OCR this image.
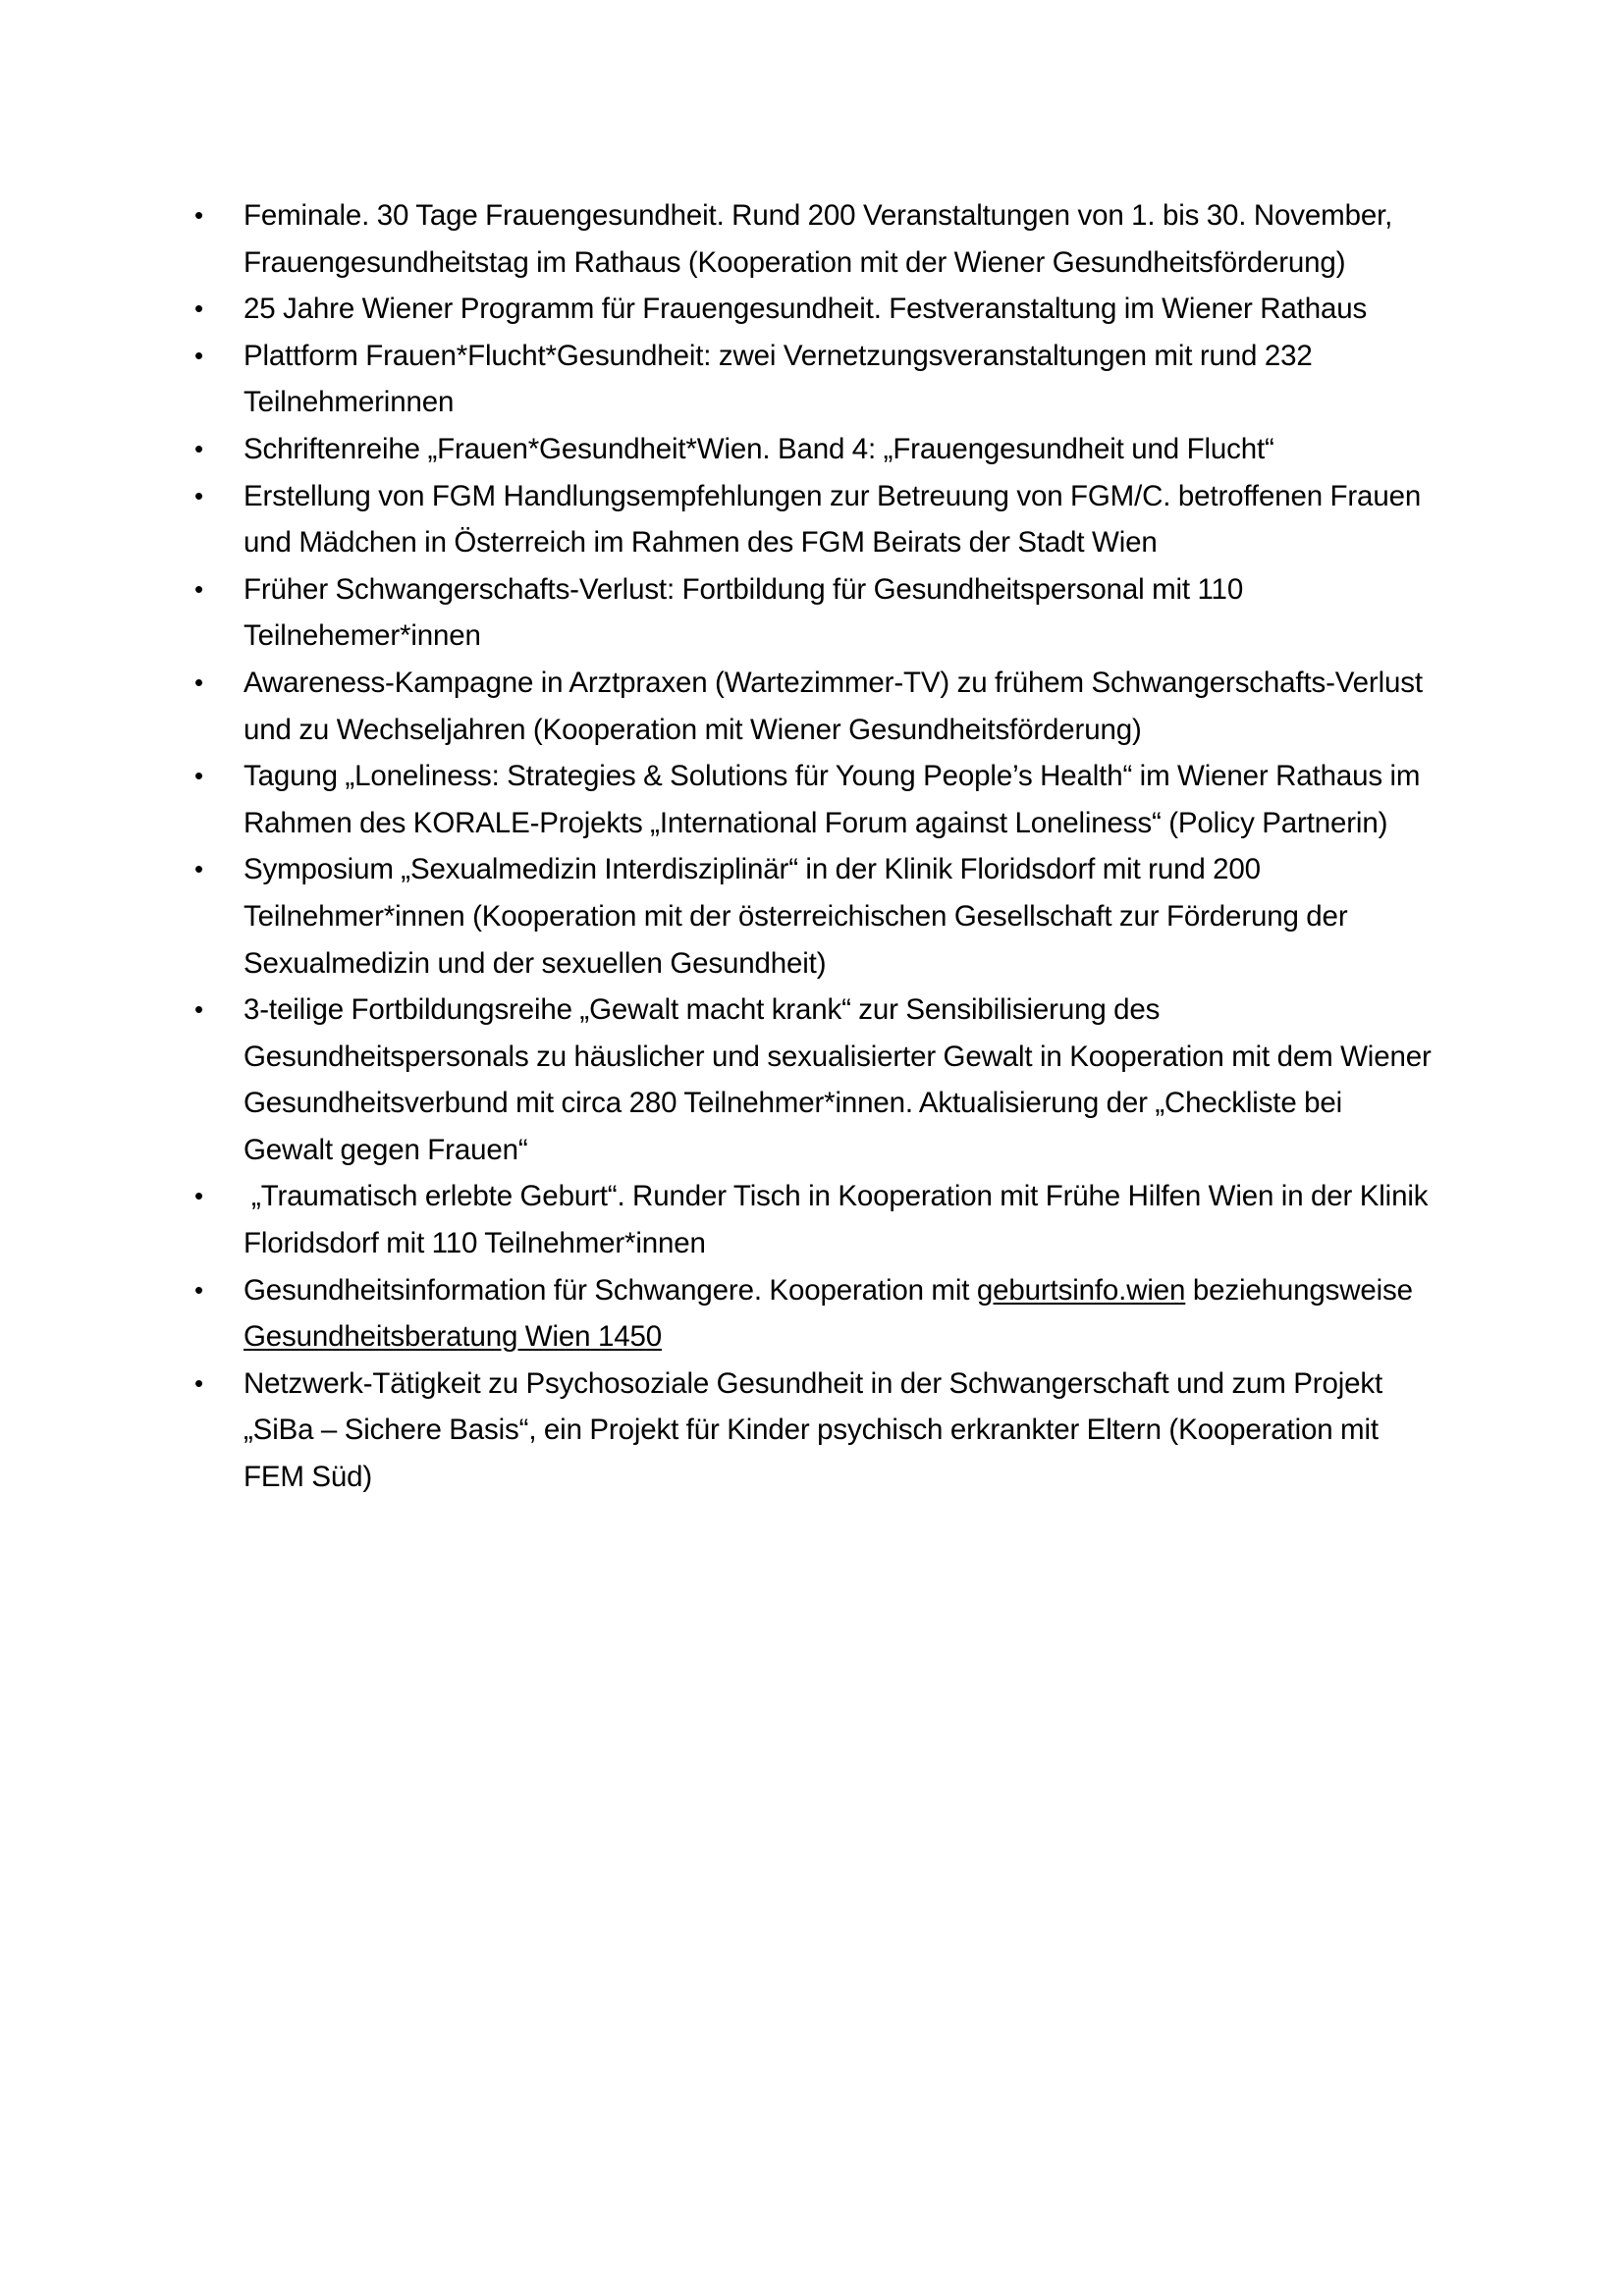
•	Feminale. 30 Tage Frauengesundheit. Rund 200 Veranstaltungen von 1. bis 30. November, Frauengesundheitstag im Rathaus (Kooperation mit der Wiener Gesundheitsförderung)
•	25 Jahre Wiener Programm für Frauengesundheit. Festveranstaltung im Wiener Rathaus
•	Plattform Frauen*Flucht*Gesundheit: zwei Vernetzungsveranstaltungen mit rund 232 Teilnehmerinnen
•	Schriftenreihe „Frauen*Gesundheit*Wien. Band 4: „Frauengesundheit und Flucht“
•	Erstellung von FGM Handlungsempfehlungen zur Betreuung von FGM/C. betroffenen Frauen und Mädchen in Österreich im Rahmen des FGM Beirats der Stadt Wien
•	Früher Schwangerschafts-Verlust: Fortbildung für Gesundheitspersonal mit 110 Teilnehemer*innen
•	Awareness-Kampagne in Arztpraxen (Wartezimmer-TV) zu frühem Schwangerschafts-Verlust und zu Wechseljahren (Kooperation mit Wiener Gesundheitsförderung)
•	Tagung „Loneliness: Strategies & Solutions für Young People’s Health“ im Wiener Rathaus im Rahmen des KORALE-Projekts „International Forum against Loneliness“ (Policy Partnerin)
•	Symposium „Sexualmedizin Interdisziplinär“ in der Klinik Floridsdorf mit rund 200 Teilnehmer*innen (Kooperation mit der österreichischen Gesellschaft zur Förderung der Sexualmedizin und der sexuellen Gesundheit)
•	3-teilige Fortbildungsreihe „Gewalt macht krank“ zur Sensibilisierung des Gesundheitspersonals zu häuslicher und sexualisierter Gewalt in Kooperation mit dem Wiener Gesundheitsverbund mit circa 280 Teilnehmer*innen. Aktualisierung der „Checkliste bei Gewalt gegen Frauen“
•	„Traumatisch erlebte Geburt“. Runder Tisch in Kooperation mit Frühe Hilfen Wien in der Klinik Floridsdorf mit 110 Teilnehmer*innen
•	Gesundheitsinformation für Schwangere. Kooperation mit geburtsinfo.wien beziehungsweise Gesundheitsberatung Wien 1450
•	Netzwerk-Tätigkeit zu Psychosoziale Gesundheit in der Schwangerschaft und zum Projekt „SiBa – Sichere Basis“, ein Projekt für Kinder psychisch erkrankter Eltern (Kooperation mit FEM Süd)
